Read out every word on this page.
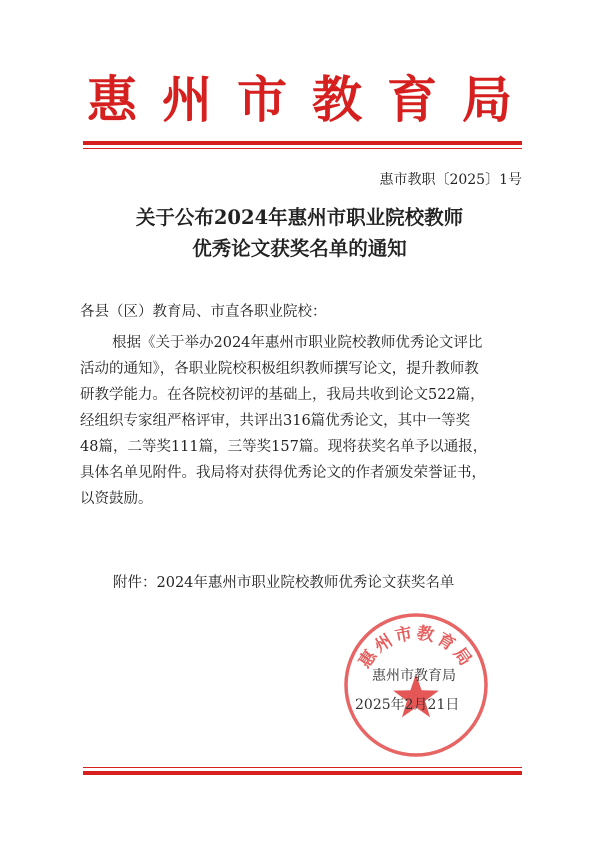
惠州市教育局
惠市教职〔2025〕1号
关于公布2024年惠州市职业院校教师
优秀论文获奖名单的通知
各县（区）教育局、市直各职业院校：
根据《关于举办2024年惠州市职业院校教师优秀论文评比
活动的通知》，各职业院校积极组织教师撰写论文，提升教师教
研教学能力。在各院校初评的基础上，我局共收到论文522篇，
经组织专家组严格评审，共评出316篇优秀论文，其中一等奖
48篇，二等奖111篇，三等奖157篇。现将获奖名单予以通报，
具体名单见附件。我局将对获得优秀论文的作者颁发荣誉证书，
以资鼓励。
附件：2024年惠州市职业院校教师优秀论文获奖名单
惠州市教育局
惠州市教育局
2025年2月21日
